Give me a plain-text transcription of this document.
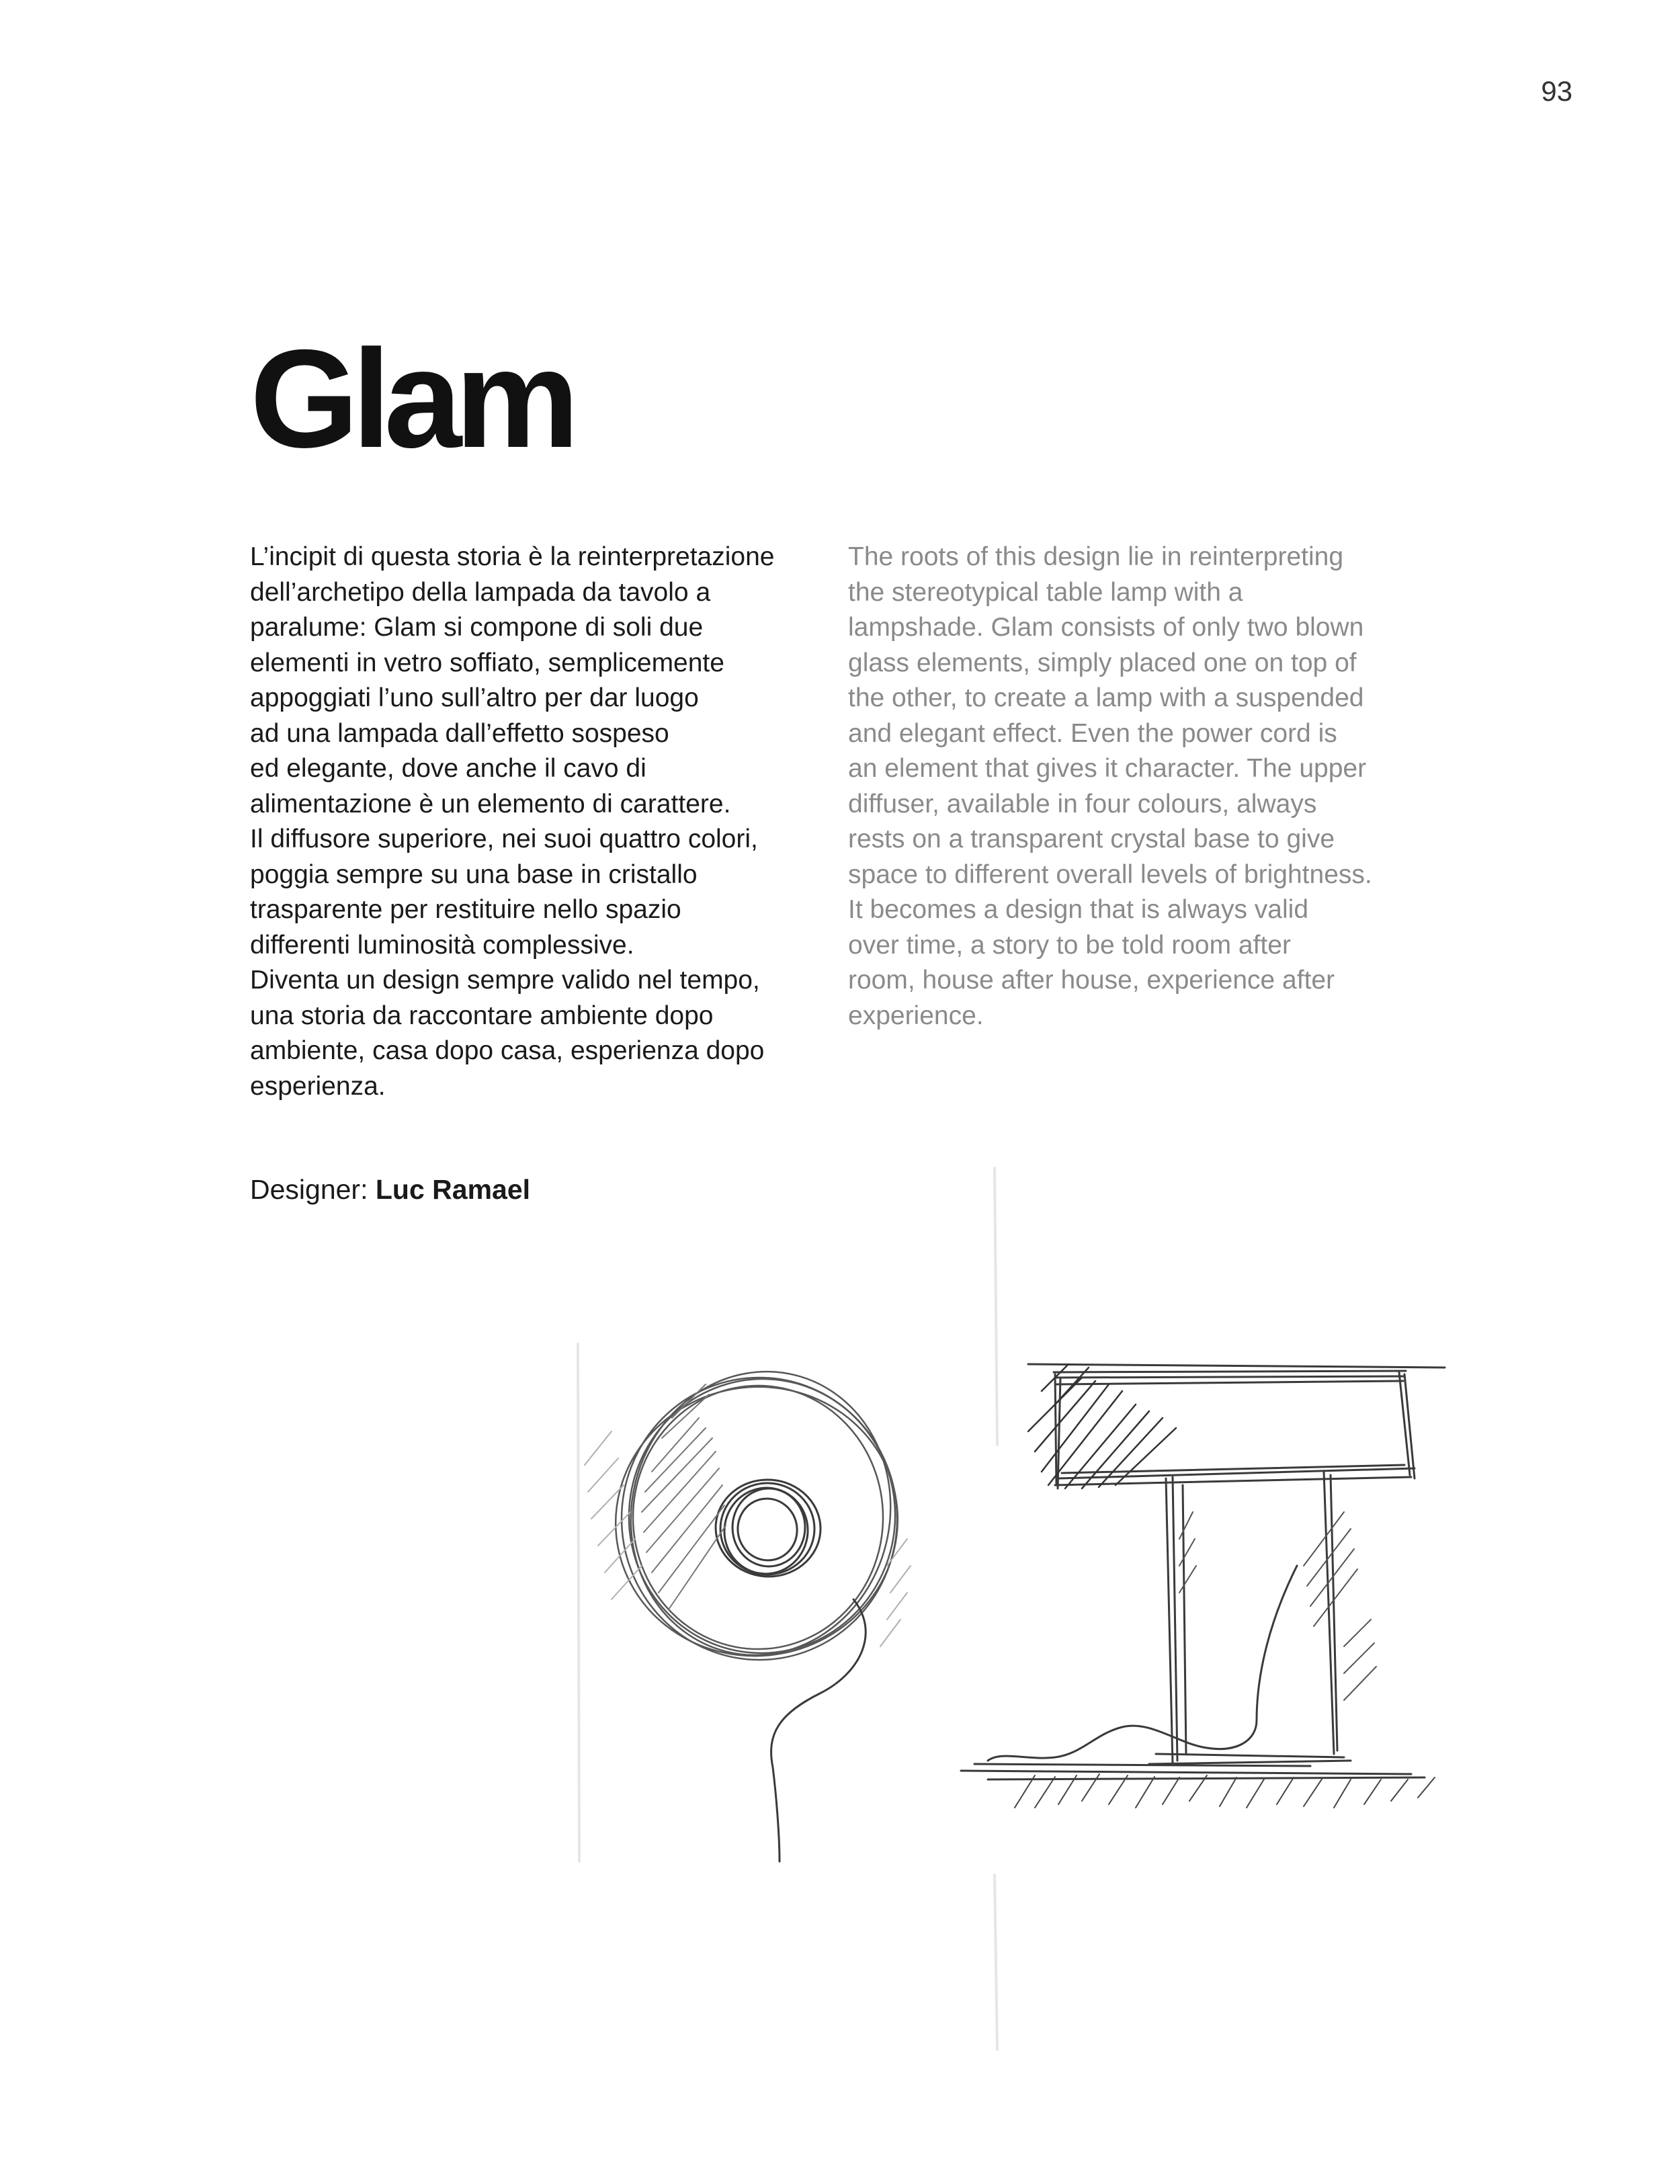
93
Glam
L’incipit di questa storia è la reinterpretazione
dell’archetipo della lampada da tavolo a
paralume: Glam si compone di soli due
elementi in vetro soffiato, semplicemente
appoggiati l’uno sull’altro per dar luogo
ad una lampada dall’effetto sospeso
ed elegante, dove anche il cavo di
alimentazione è un elemento di carattere.
Il diffusore superiore, nei suoi quattro colori,
poggia sempre su una base in cristallo
trasparente per restituire nello spazio
differenti luminosità complessive.
Diventa un design sempre valido nel tempo,
una storia da raccontare ambiente dopo
ambiente, casa dopo casa, esperienza dopo
esperienza.
The roots of this design lie in reinterpreting
the stereotypical table lamp with a
lampshade. Glam consists of only two blown
glass elements, simply placed one on top of
the other, to create a lamp with a suspended
and elegant effect. Even the power cord is
an element that gives it character. The upper
diffuser, available in four colours, always
rests on a transparent crystal base to give
space to different overall levels of brightness.
It becomes a design that is always valid
over time, a story to be told room after
room, house after house, experience after
experience.
Designer: Luc Ramael
